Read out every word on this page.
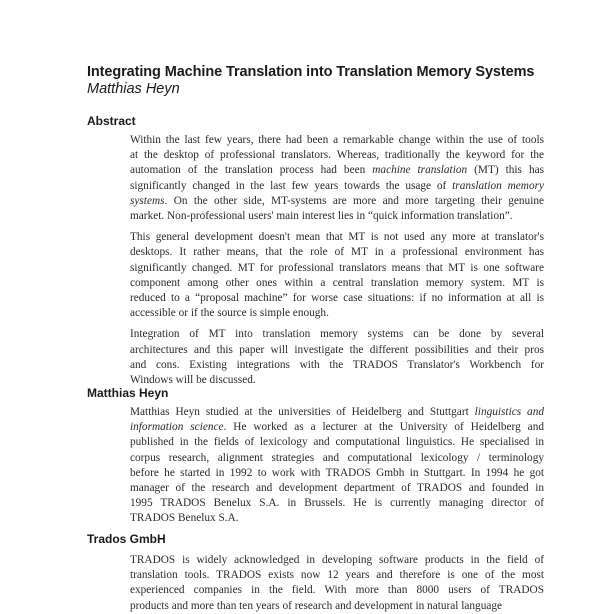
Integrating Machine Translation into Translation Memory Systems
Matthias Heyn
Abstract

Within the last few years, there had been a remarkable change within the use of tools
at the desktop of professional translators. Whereas, traditionally the keyword for the
automation of the translation process had been machine translation (MT) this has
significantly changed in the last few years towards the usage of translation memory
systems. On the other side, MT-systems are more and more targeting their genuine
market. Non-professional users' main interest lies in “quick information translation”.

This general development doesn't mean that MT is not used any more at translator's
desktops. It rather means, that the role of MT in a professional environment has
significantly changed. MT for professional translators means that MT is one software
component among other ones within a central translation memory system. MT is
reduced to a “proposal machine” for worse case situations: if no information at all is
accessible or if the source is simple enough.

Integration of MT into translation memory systems can be done by several
architectures and this paper will investigate the different possibilities and their pros
and cons. Existing integrations with the TRADOS Translator's Workbench for
Windows will be discussed.

Matthias Heyn

Matthias Heyn studied at the universities of Heidelberg and Stuttgart linguistics and
information science. He worked as a lecturer at the University of Heidelberg and
published in the fields of lexicology and computational linguistics. He specialised in
corpus research, alignment strategies and computational lexicology / terminology
before he started in 1992 to work with TRADOS Gmbh in Stuttgart. In 1994 he got
manager of the research and development department of TRADOS and founded in
1995 TRADOS Benelux S.A. in Brussels. He is currently managing director of
TRADOS Benelux S.A.

Trados GmbH

TRADOS is widely acknowledged in developing software products in the field of
translation tools. TRADOS exists now 12 years and therefore is one of the most
experienced companies in the field. With more than 8000 users of TRADOS
products and more than ten years of research and development in natural language
